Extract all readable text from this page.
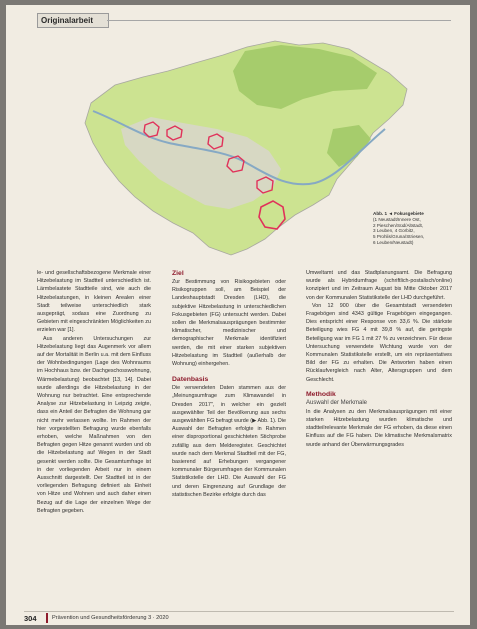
Originalarbeit
Abb. 1 ◄ Fokusgebiete
(1 Neustadt/Innere Ost,
2 Pieschen/Süd/Altstadt,
3 Leuben, 4 Gorbitz,
5 Prohlis/Gruna/Striesen,
6 Leuben/Neustadt)

le- und gesellschaftsbezogene Merkmale einer Hitzebelastung im Stadtteil unterschiedlich ist. Lärmbelastete Stadtteile sind, wie auch die Hitzebelastungen, in kleinen Arealen einer Stadt teilweise unterschiedlich stark ausgeprägt, sodass eine Zuordnung zu Gebieten mit eingeschränkten Möglichkeiten zu erzielen war [1].

Aus anderen Untersuchungen zur Hitzebelastung liegt das Augenmerk vor allem auf der Mortalität in Berlin u.a. mit dem Einfluss der Wohnbedingungen (Lage des Wohnraums im Hochhaus bzw. der Dachgeschosswohnung, Wärmebelastung) beobachtet [13, 14]. Dabei wurde allerdings die Hitzebelastung in der Wohnung nur betrachtet. Eine entsprechende Analyse zur Hitzebelastung in Leipzig zeigte, dass ein Anteil der Befragten die Wohnung gar nicht mehr verlassen wollte. Im Rahmen der hier vorgestellten Befragung wurde ebenfalls erhoben, welche Maßnahmen von den Befragten gegen Hitze genannt wurden und ob die Hitzebelastung auf Wegen in der Stadt gesenkt werden sollte. Die Gesamtumfrage ist in der vorliegenden Arbeit nur in einem Ausschnitt dargestellt. Der Stadtteil ist in der vorliegenden Befragung definiert als Einheit von Hitze und Wohnen und auch daher einen Bezug auf die Lage der einzelnen Wege der Befragten gegeben.

Ziel

Zur Bestimmung von Risikogebieten oder Risikogruppen soll, am Beispiel der Landeshauptstadt Dresden (LHD), die subjektive Hitzebelastung in unterschiedlichen Fokusgebieten (FG) untersucht werden. Dabei sollen die Merkmalsausprägungen bestimmter klimatischer, medizinischer und demographischer Merkmale identifiziert werden, die mit einer starken subjektiven Hitzebelastung im Stadtteil (außerhalb der Wohnung) einhergehen.

Datenbasis

Die verwendeten Daten stammen aus der „Meinungsumfrage zum Klimawandel in Dresden 2017", in welcher ein gezielt ausgewählter Teil der Bevölkerung aus sechs ausgewählten FG befragt wurde (▶ Abb. 1). Die Auswahl der Befragten erfolgte in Rahmen einer disproportional geschichteten Stichprobe zufällig aus dem Melderegister. Geschichtet wurde nach dem Merkmal Stadtteil mit der FG, basierend auf Erhebungen vergangener kommunaler Bürgerumfragen der Kommunalen Statistikstelle der LHD. Die Auswahl der FG und deren Eingrenzung auf Grundlage der statistischen Bezirke erfolgte durch das

Umweltamt und das Stadtplanungsamt. Die Befragung wurde als Hybridumfrage (schriftlich-postalisch/online) konzipiert und im Zeitraum August bis Mitte Oktober 2017 von der Kommunalen Statistikstelle der LHD durchgeführt.

Von 12 900 über die Gesamtstadt versendeten Fragebögen sind 4343 gültige Fragebögen eingegangen. Dies entspricht einer Response von 33,6 %. Die stärkste Beteiligung wies FG 4 mit 39,8 % auf, die geringste Beteiligung war im FG 1 mit 27 % zu verzeichnen. Für diese Untersuchung verwendete Wichtung wurde von der Kommunalen Statistikstelle erstellt, um ein repräsentatives Bild der FG zu erhalten. Die Antworten haben einen Rücklaufvergleich nach Alter, Altersgruppen und dem Geschlecht.

Methodik
Auswahl der Merkmale

In die Analysen zu den Merkmalsausprägungen mit einer starken Hitzebelastung wurden klimatische und stadtteilrelevante Merkmale der FG erhoben, da diese einen Einfluss auf die FG haben. Die klimatische Merkmalsmatrix wurde anhand der Überwärmungsgrades

304	Prävention und Gesundheitsförderung 3 · 2020
